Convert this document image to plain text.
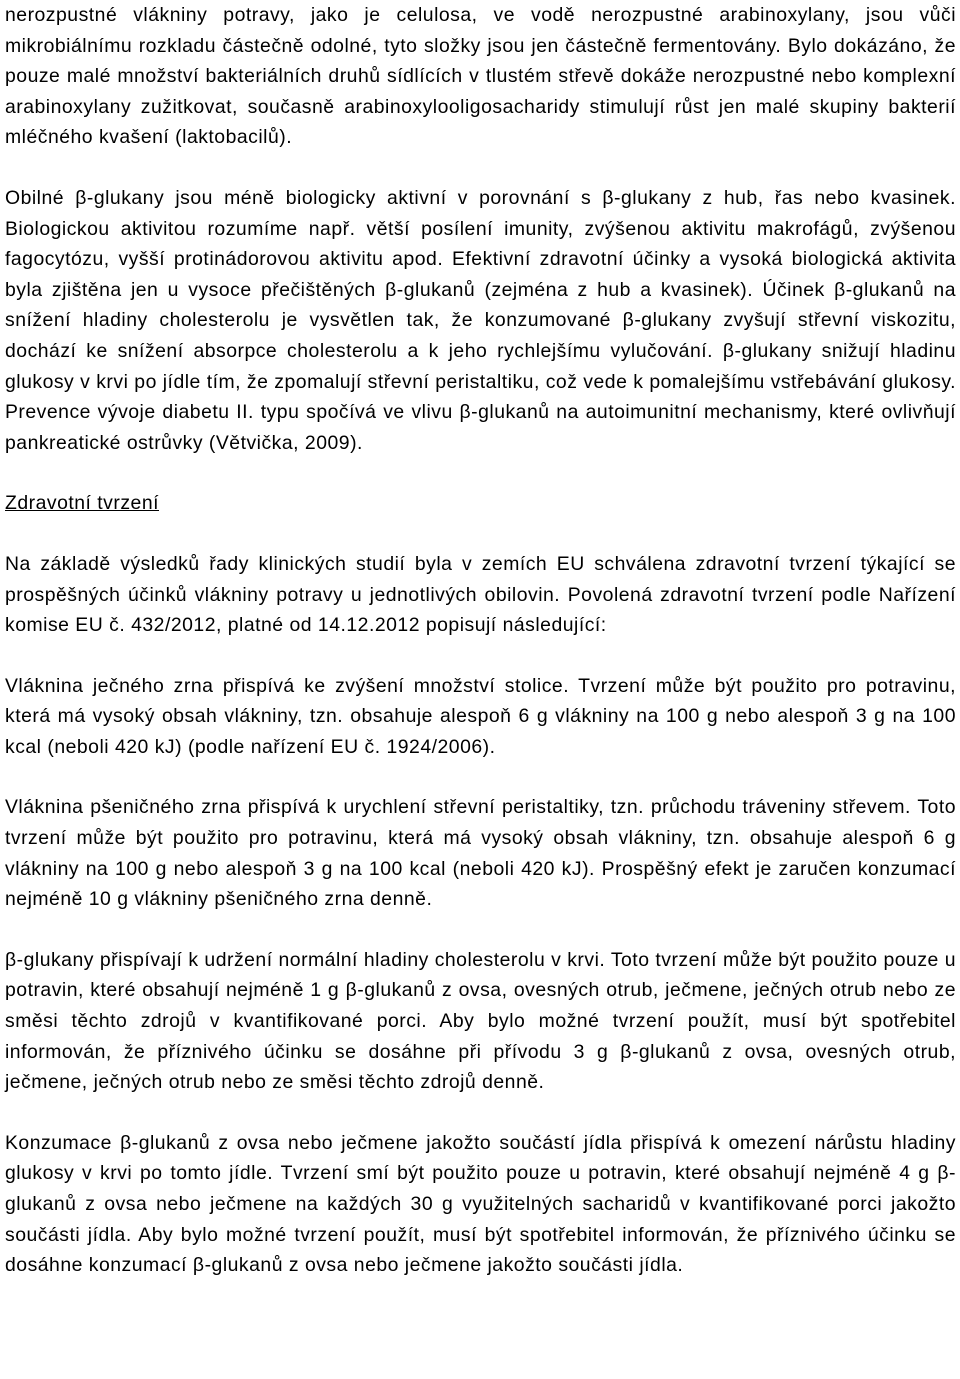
nerozpustné vlákniny potravy, jako je celulosa, ve vodě nerozpustné arabinoxylany, jsou vůči mikrobiálnímu rozkladu částečně odolné, tyto složky jsou jen částečně fermentovány. Bylo dokázáno, že pouze malé množství bakteriálních druhů sídlících v tlustém střevě dokáže nerozpustné nebo komplexní arabinoxylany zužitkovat, současně arabinoxylooligosacharidy stimulují růst jen malé skupiny bakterií mléčného kvašení (laktobacilů).

Obilné β-glukany jsou méně biologicky aktivní v porovnání s β-glukany z hub, řas nebo kvasinek. Biologickou aktivitou rozumíme např. větší posílení imunity, zvýšenou aktivitu makrofágů, zvýšenou fagocytózu, vyšší protinádorovou aktivitu apod. Efektivní zdravotní účinky a vysoká biologická aktivita byla zjištěna jen u vysoce přečištěných β-glukanů (zejména z hub a kvasinek). Účinek β-glukanů na snížení hladiny cholesterolu je vysvětlen tak, že konzumované β-glukany zvyšují střevní viskozitu, dochází ke snížení absorpce cholesterolu a k jeho rychlejšímu vylučování. β-glukany snižují hladinu glukosy v krvi po jídle tím, že zpomalují střevní peristaltiku, což vede k pomalejšímu vstřebávání glukosy. Prevence vývoje diabetu II. typu spočívá ve vlivu β-glukanů na autoimunitní mechanismy, které ovlivňují pankreatické ostrůvky (Větvička, 2009).

Zdravotní tvrzení

Na základě výsledků řady klinických studií byla v zemích EU schválena zdravotní tvrzení týkající se prospěšných účinků vlákniny potravy u jednotlivých obilovin. Povolená zdravotní tvrzení podle Nařízení komise EU č. 432/2012, platné od 14.12.2012 popisují následující:

Vláknina ječného zrna přispívá ke zvýšení množství stolice. Tvrzení může být použito pro potravinu, která má vysoký obsah vlákniny, tzn. obsahuje alespoň 6 g vlákniny na 100 g nebo alespoň 3 g na 100 kcal (neboli 420 kJ) (podle nařízení EU č. 1924/2006).

Vláknina pšeničného zrna přispívá k urychlení střevní peristaltiky, tzn. průchodu tráveniny střevem. Toto tvrzení může být použito pro potravinu, která má vysoký obsah vlákniny, tzn. obsahuje alespoň 6 g vlákniny na 100 g nebo alespoň 3 g na 100 kcal (neboli 420 kJ). Prospěšný efekt je zaručen konzumací nejméně 10 g vlákniny pšeničného zrna denně.

β-glukany přispívají k udržení normální hladiny cholesterolu v krvi. Toto tvrzení může být použito pouze u potravin, které obsahují nejméně 1 g β-glukanů z ovsa, ovesných otrub, ječmene, ječných otrub nebo ze směsi těchto zdrojů v kvantifikované porci. Aby bylo možné tvrzení použít, musí být spotřebitel informován, že příznivého účinku se dosáhne při přívodu 3 g β-glukanů z ovsa, ovesných otrub, ječmene, ječných otrub nebo ze směsi těchto zdrojů denně.

Konzumace β-glukanů z ovsa nebo ječmene jakožto součástí jídla přispívá k omezení nárůstu hladiny glukosy v krvi po tomto jídle. Tvrzení smí být použito pouze u potravin, které obsahují nejméně 4 g β-glukanů z ovsa nebo ječmene na každých 30 g využitelných sacharidů v kvantifikované porci jakožto součásti jídla. Aby bylo možné tvrzení použít, musí být spotřebitel informován, že příznivého účinku se dosáhne konzumací β-glukanů z ovsa nebo ječmene jakožto součásti jídla.
